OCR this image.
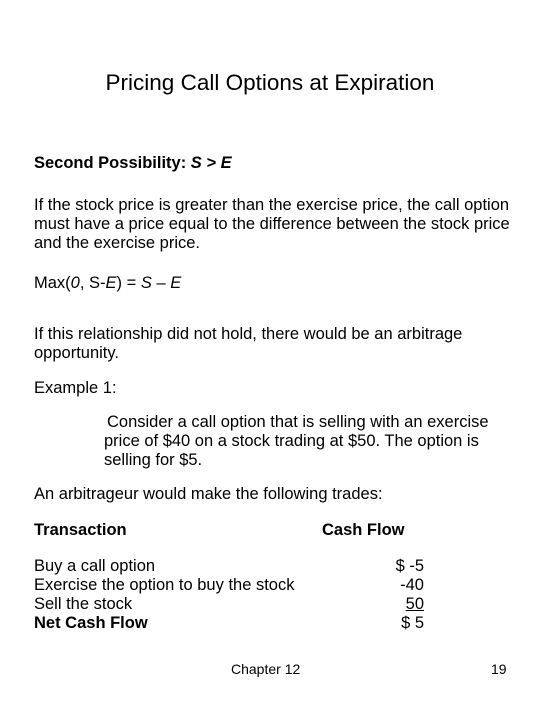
Pricing Call Options at Expiration

Second Possibility: S > E

If the stock price is greater than the exercise price, the call option must have a price equal to the difference between the stock price and the exercise price.

Max(0, S-E) = S – E

If this relationship did not hold, there would be an arbitrage opportunity.

Example 1:

Consider a call option that is selling with an exercise price of $40 on a stock trading at $50. The option is selling for $5.

An arbitrageur would make the following trades:

Transaction	Cash Flow
Buy a call option	$ -5
Exercise the option to buy the stock	-40
Sell the stock	50
Net Cash Flow	$ 5
Chapter 12	19
